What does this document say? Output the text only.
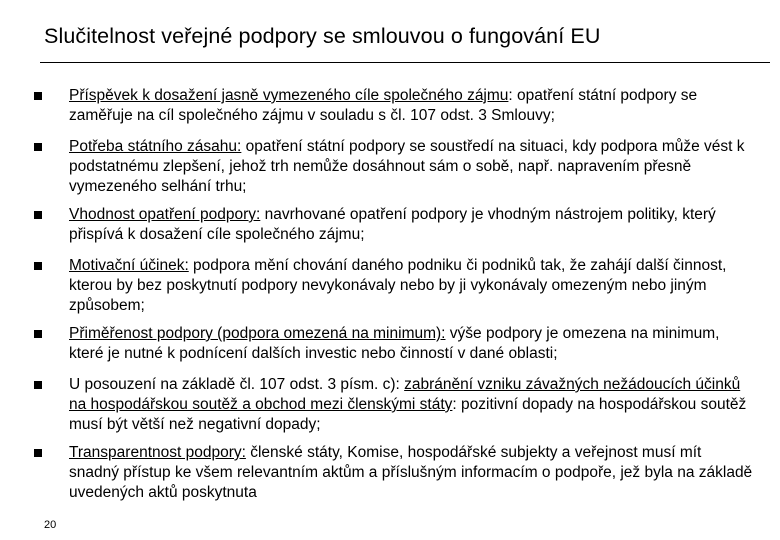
Slučitelnost veřejné podpory se smlouvou o fungování EU
Příspěvek k dosažení jasně vymezeného cíle společného zájmu: opatření státní podpory se zaměřuje na cíl společného zájmu v souladu s čl. 107 odst. 3 Smlouvy;
Potřeba státního zásahu: opatření státní podpory se soustředí na situaci, kdy podpora může vést k podstatnému zlepšení, jehož trh nemůže dosáhnout sám o sobě, např. napravením přesně vymezeného selhání trhu;
Vhodnost opatření podpory: navrhované opatření podpory je vhodným nástrojem politiky, který přispívá k dosažení cíle společného zájmu;
Motivační účinek: podpora mění chování daného podniku či podniků tak, že zahájí další činnost, kterou by bez poskytnutí podpory nevykonávaly nebo by ji vykonávaly omezeným nebo jiným způsobem;
Přiměřenost podpory (podpora omezená na minimum): výše podpory je omezena na minimum, které je nutné k podnícení dalších investic nebo činností v dané oblasti;
U posouzení na základě čl. 107 odst. 3 písm. c): zabránění vzniku závažných nežádoucích účinků na hospodářskou soutěž a obchod mezi členskými státy: pozitivní dopady na hospodářskou soutěž musí být větší než negativní dopady;
Transparentnost podpory: členské státy, Komise, hospodářské subjekty a veřejnost musí mít snadný přístup ke všem relevantním aktům a příslušným informacím o podpoře, jež byla na základě uvedených aktů poskytnuta
20
